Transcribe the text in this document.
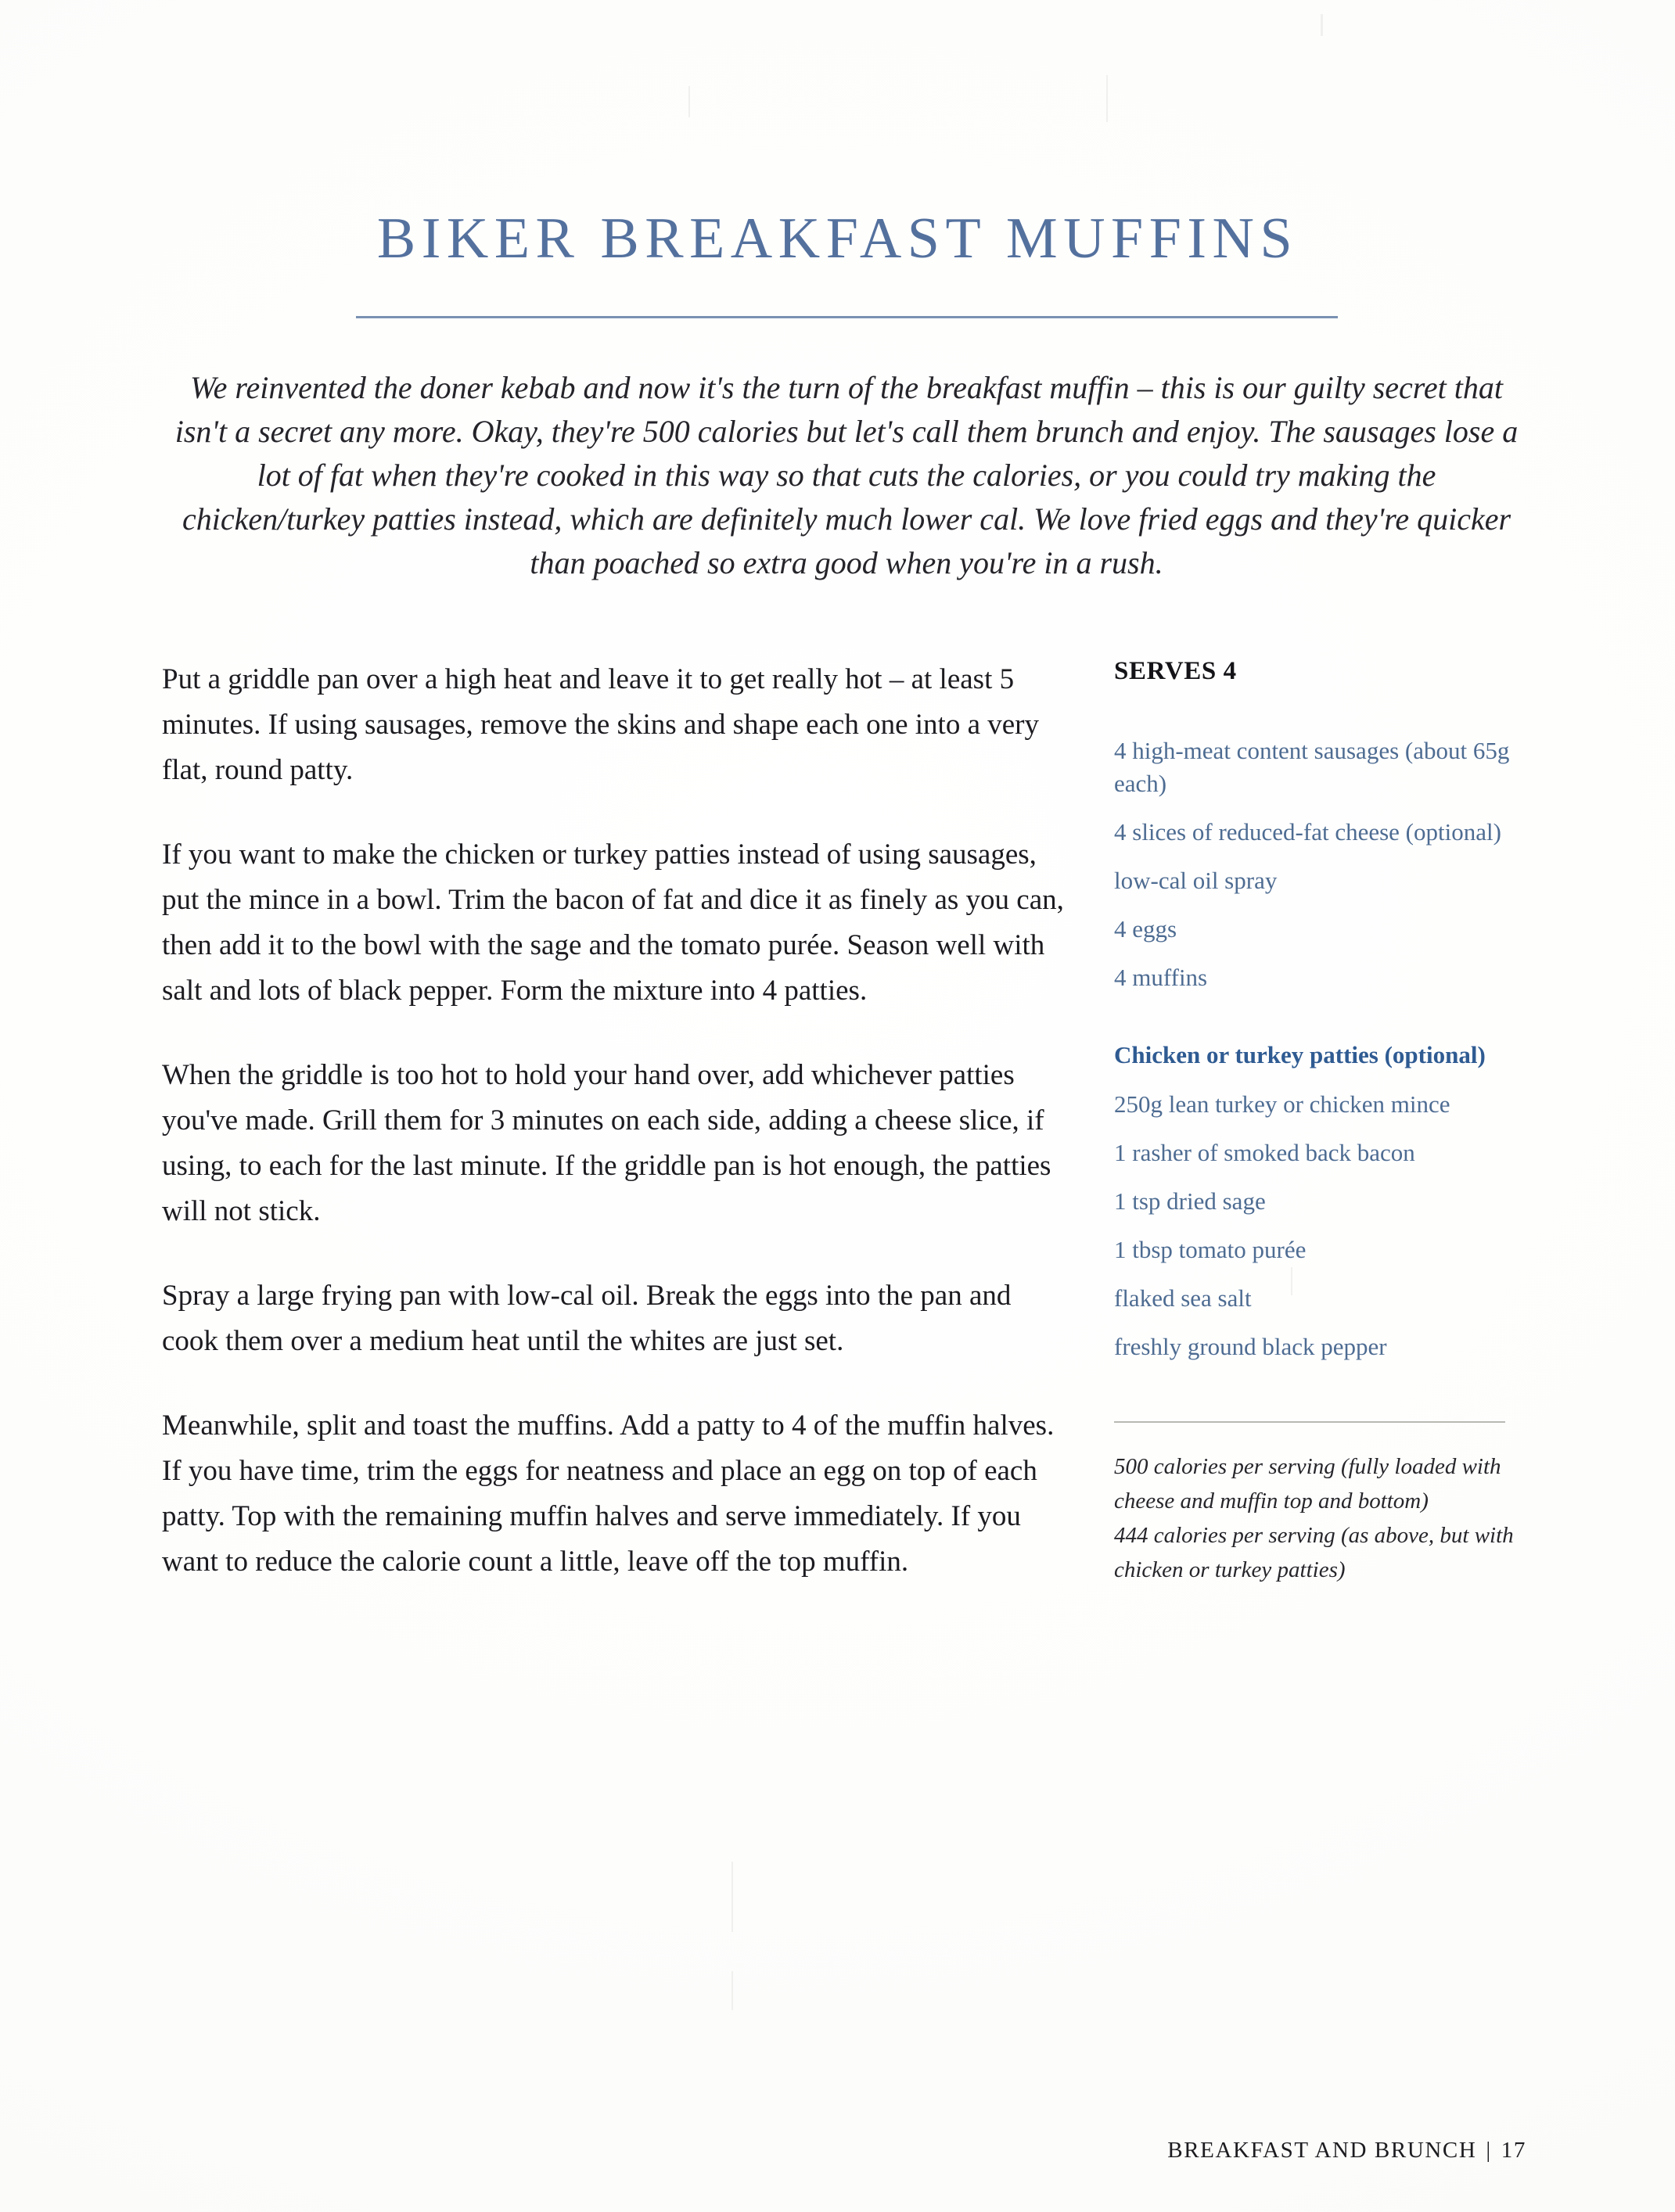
BIKER BREAKFAST MUFFINS
We reinvented the doner kebab and now it's the turn of the breakfast muffin – this is our guilty secret that isn't a secret any more. Okay, they're 500 calories but let's call them brunch and enjoy. The sausages lose a lot of fat when they're cooked in this way so that cuts the calories, or you could try making the chicken/turkey patties instead, which are definitely much lower cal. We love fried eggs and they're quicker than poached so extra good when you're in a rush.

Put a griddle pan over a high heat and leave it to get really hot – at least 5 minutes. If using sausages, remove the skins and shape each one into a very flat, round patty.

If you want to make the chicken or turkey patties instead of using sausages, put the mince in a bowl. Trim the bacon of fat and dice it as finely as you can, then add it to the bowl with the sage and the tomato purée. Season well with salt and lots of black pepper. Form the mixture into 4 patties.

When the griddle is too hot to hold your hand over, add whichever patties you've made. Grill them for 3 minutes on each side, adding a cheese slice, if using, to each for the last minute. If the griddle pan is hot enough, the patties will not stick.

Spray a large frying pan with low-cal oil. Break the eggs into the pan and cook them over a medium heat until the whites are just set.

Meanwhile, split and toast the muffins. Add a patty to 4 of the muffin halves. If you have time, trim the eggs for neatness and place an egg on top of each patty. Top with the remaining muffin halves and serve immediately. If you want to reduce the calorie count a little, leave off the top muffin.

SERVES 4
4 high-meat content sausages (about 65g each)
4 slices of reduced-fat cheese (optional)
low-cal oil spray
4 eggs
4 muffins
Chicken or turkey patties (optional)
250g lean turkey or chicken mince
1 rasher of smoked back bacon
1 tsp dried sage
1 tbsp tomato purée
flaked sea salt
freshly ground black pepper

500 calories per serving (fully loaded with cheese and muffin top and bottom)

444 calories per serving (as above, but with chicken or turkey patties)

BREAKFAST AND BRUNCH | 17
